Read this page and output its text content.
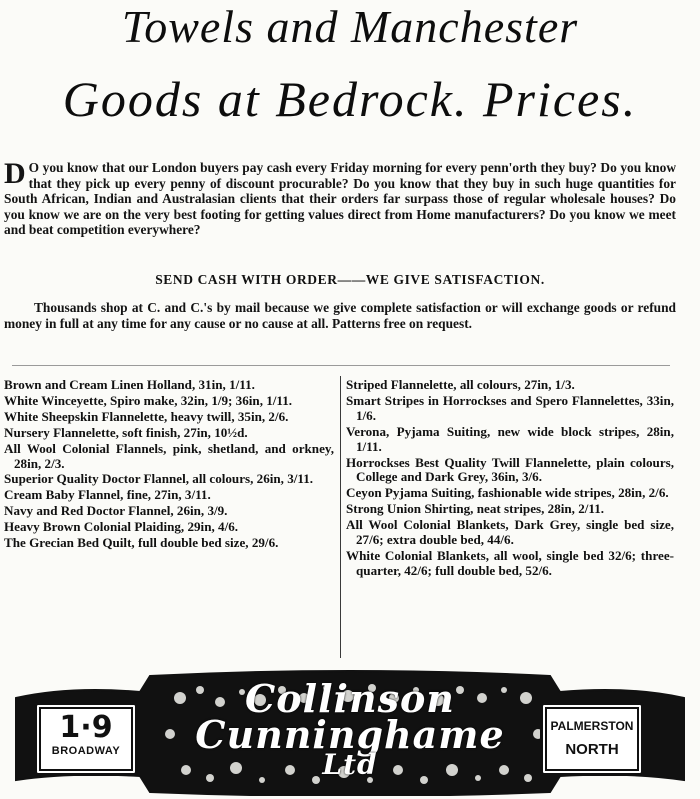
Towels and Manchester
Goods at Bedrock. Prices.
D O you know that our London buyers pay cash every Friday morning for every penn'orth they buy? Do you know that they pick up every penny of discount procurable? Do you know that they buy in such huge quantities for South African, Indian and Australasian clients that their orders far surpass those of regular wholesale houses? Do you know we are on the very best footing for getting values direct from Home manufacturers? Do you know we meet and beat competition everywhere?
SEND CASH WITH ORDER——WE GIVE SATISFACTION.
Thousands shop at C. and C.'s by mail because we give complete satisfaction or will exchange goods or refund money in full at any time for any cause or no cause at all. Patterns free on request.
Brown and Cream Linen Holland, 31in, 1/11.
White Winceyette, Spiro make, 32in, 1/9; 36in, 1/11.
White Sheepskin Flannelette, heavy twill, 35in, 2/6.
Nursery Flannelette, soft finish, 27in, 10½d.
All Wool Colonial Flannels, pink, shetland, and orkney, 28in, 2/3.
Superior Quality Doctor Flannel, all colours, 26in, 3/11.
Cream Baby Flannel, fine, 27in, 3/11.
Navy and Red Doctor Flannel, 26in, 3/9.
Heavy Brown Colonial Plaiding, 29in, 4/6.
The Grecian Bed Quilt, full double bed size, 29/6.
Striped Flannelette, all colours, 27in, 1/3.
Smart Stripes in Horrockses and Spero Flannelettes, 33in, 1/6.
Verona, Pyjama Suiting, new wide block stripes, 28in, 1/11.
Horrockses Best Quality Twill Flannelette, plain colours, College and Dark Grey, 36in, 3/6.
Ceyon Pyjama Suiting, fashionable wide stripes, 28in, 2/6.
Strong Union Shirting, neat stripes, 28in, 2/11.
All Wool Colonial Blankets, Dark Grey, single bed size, 27/6; extra double bed, 44/6.
White Colonial Blankets, all wool, single bed 32/6; three-quarter, 42/6; full double bed, 52/6.
Collinson
Cunninghame
Ltd
1·9
BROADWAY
PALMERSTON
NORTH
